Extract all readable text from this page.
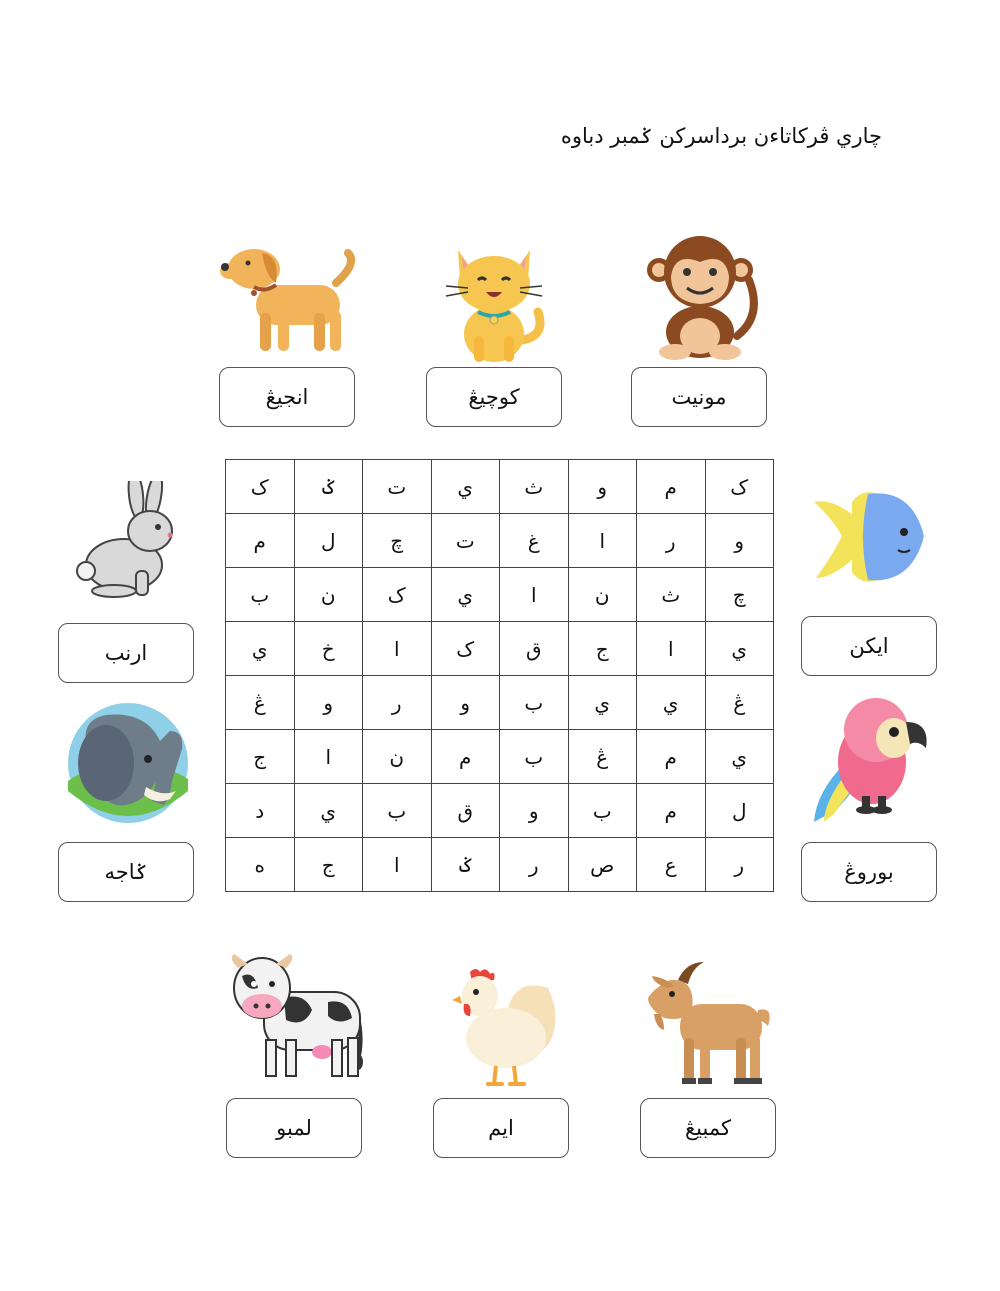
چاري ڤرکاتاءن برداسرکن ݢمبر دباوه
انجيڠ	کوچيڠ	مونيت
ارنب
ݢاجه
ايکن
بوروڠ
ک	ݢ	ت	ي	ث	و	م	ک
م	ل	چ	ت	غ	ا	ر	و
ب	ن	ک	ي	ا	ن	ث	چ
ي	خ	ا	ک	ق	ج	ا	ي
ڠ	و	ر	و	ب	ي	ي	ڠ
ج	ا	ن	م	ب	ڠ	م	ي
د	ي	ب	ق	و	ب	م	ل
ه	ج	ا	ݢ	ر	ص	ع	ر
لمبو	ايم	کمبيڠ
